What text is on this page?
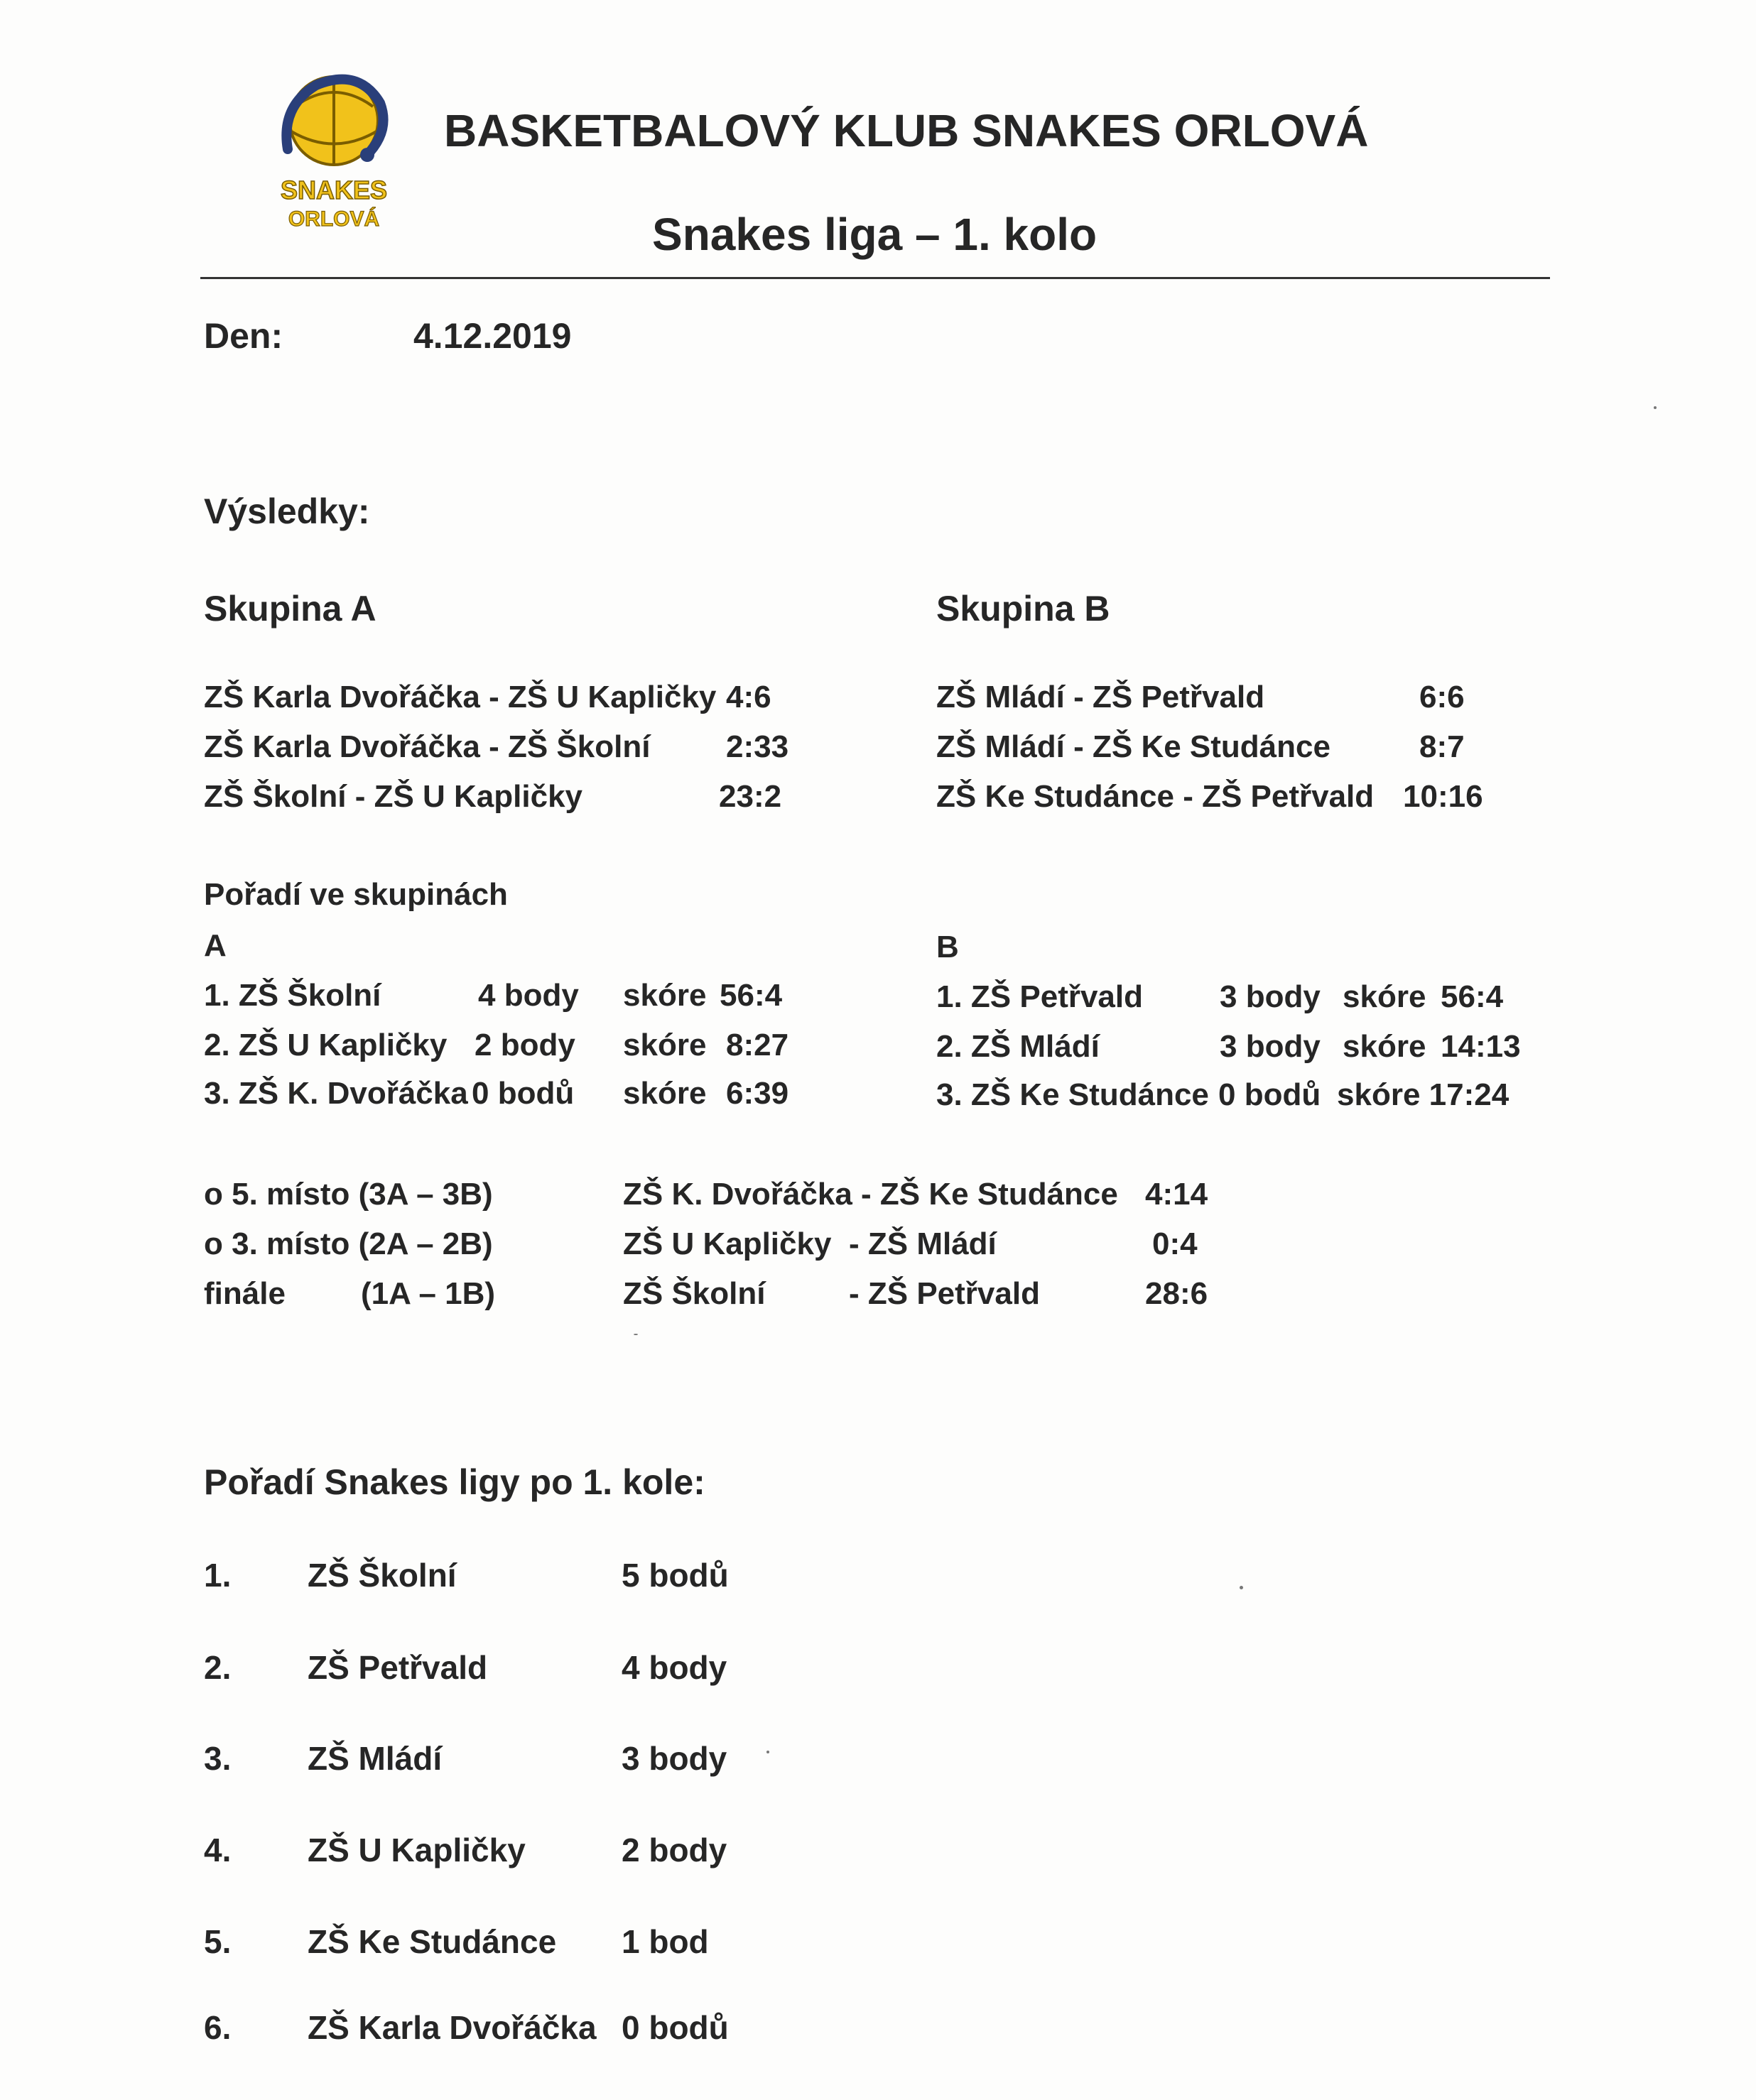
SNAKES
ORLOVÁ
BASKETBALOVÝ KLUB SNAKES ORLOVÁ
Snakes liga – 1. kolo
Den:	4.12.2019
Výsledky:
Skupina A	Skupina B
ZŠ Karla Dvořáčka - ZŠ U Kapličky 4:6
ZŠ Karla Dvořáčka - ZŠ Školní 2:33
ZŠ Školní - ZŠ U Kapličky	23:2
ZŠ Mládí - ZŠ Petřvald	6:6
ZŠ Mládí - ZŠ Ke Studánce	8:7
ZŠ Ke Studánce - ZŠ Petřvald 10:16
Pořadí ve skupinách
A	B
1. ZŠ Školní	4 body skóre 56:4
2. ZŠ U Kapličky 2 body skóre 8:27
3. ZŠ K. Dvořáčka 0 bodů skóre 6:39
1. ZŠ Petřvald 3 body skóre 56:4
2. ZŠ Mládí	3 body skóre 14:13
3. ZŠ Ke Studánce 0 bodů skóre 17:24
o 5. místo (3A – 3B)	ZŠ K. Dvořáčka - ZŠ Ke Studánce 4:14
o 3. místo (2A – 2B)	ZŠ U Kapličky - ZŠ Mládí	0:4
finále (1A – 1B)	ZŠ Školní	- ZŠ Petřvald	28:6
Pořadí Snakes ligy po 1. kole:
1. ZŠ Školní	5 bodů
2. ZŠ Petřvald	4 body
3. ZŠ Mládí	3 body
4. ZŠ U Kapličky	2 body
5. ZŠ Ke Studánce 1 bod
6. ZŠ Karla Dvořáčka 0 bodů
